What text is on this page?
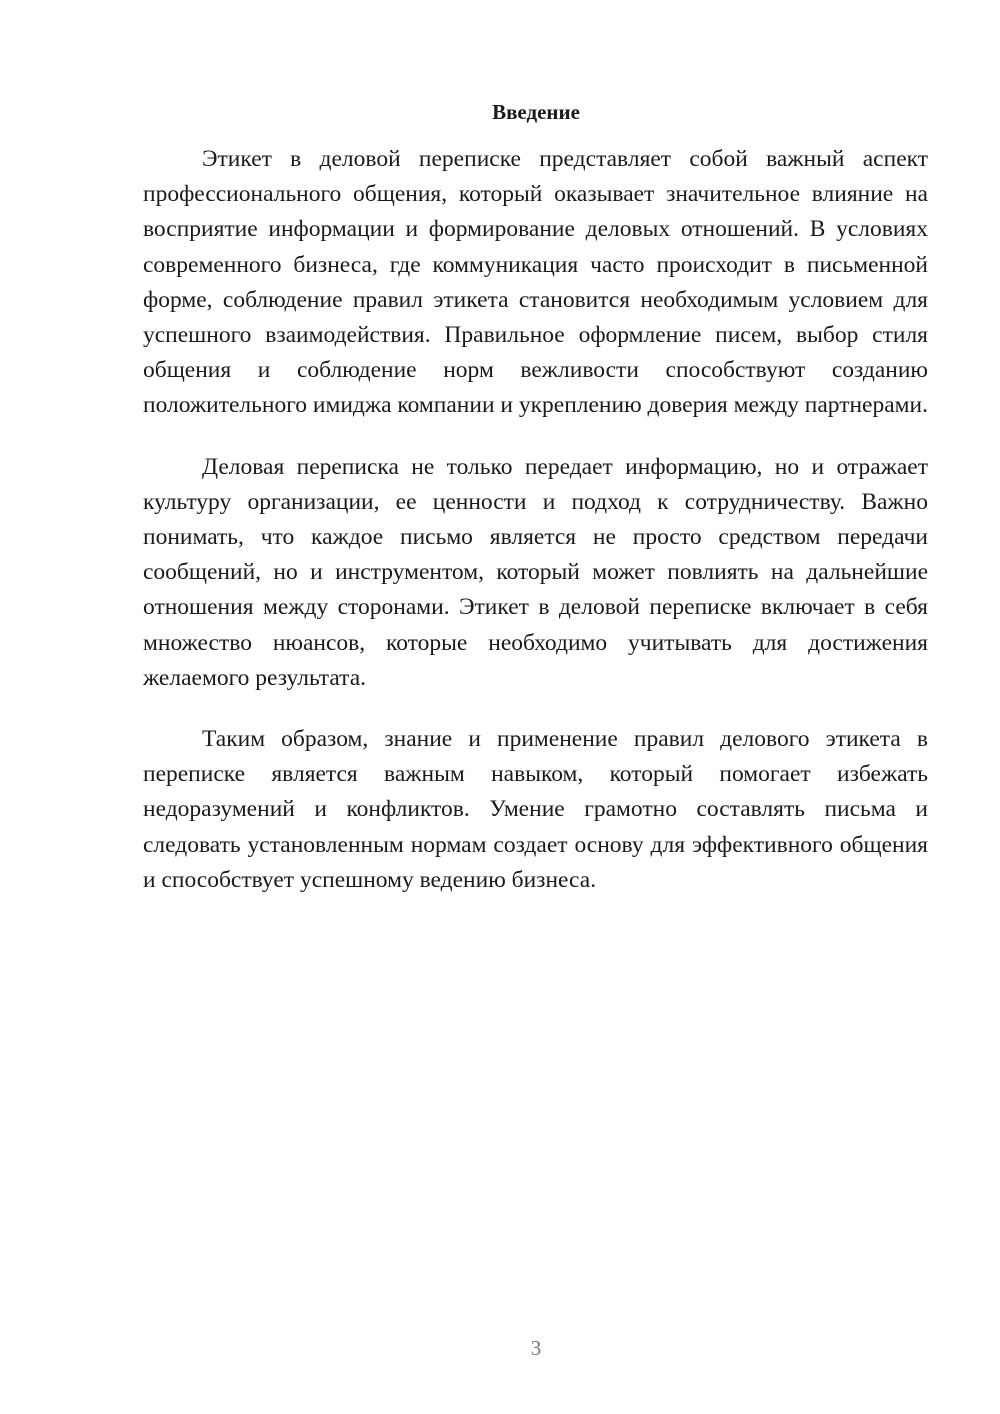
Введение

Этикет в деловой переписке представляет собой важный аспект профессионального общения, который оказывает значительное влияние на восприятие информации и формирование деловых отношений. В условиях современного бизнеса, где коммуникация часто происходит в письменной форме, соблюдение правил этикета становится необходимым условием для успешного взаимодействия. Правильное оформление писем, выбор стиля общения и соблюдение норм вежливости способствуют созданию положительного имиджа компании и укреплению доверия между партнерами.

Деловая переписка не только передает информацию, но и отражает культуру организации, ее ценности и подход к сотрудничеству. Важно понимать, что каждое письмо является не просто средством передачи сообщений, но и инструментом, который может повлиять на дальнейшие отношения между сторонами. Этикет в деловой переписке включает в себя множество нюансов, которые необходимо учитывать для достижения желаемого результата.

Таким образом, знание и применение правил делового этикета в переписке является важным навыком, который помогает избежать недоразумений и конфликтов. Умение грамотно составлять письма и следовать установленным нормам создает основу для эффективного общения и способствует успешному ведению бизнеса.

3
